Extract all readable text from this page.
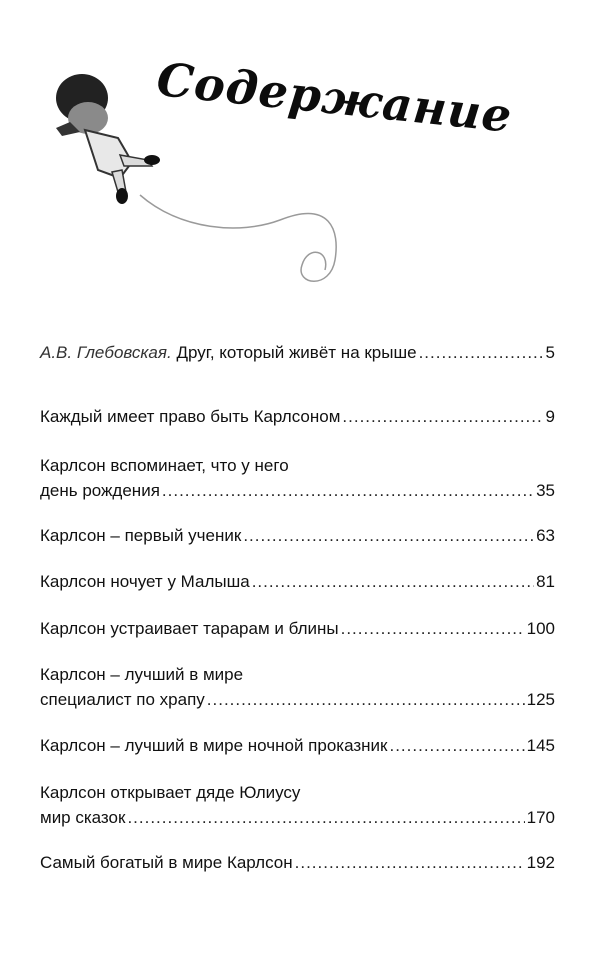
Содержание
А.В. Глебовская.
Друг, который живёт на крыше .....	5
Каждый имеет право быть Карлсоном .....	9
Карлсон вспоминает, что у него
день рождения .....	35
Карлсон – первый ученик .....	63
Карлсон ночует у Малыша .....	81
Карлсон устраивает тарарам и блины .....	100
Карлсон – лучший в мире
специалист по храпу .....	125
Карлсон – лучший в мире ночной проказник .....	145
Карлсон открывает дяде Юлиусу
мир сказок .....	170
Самый богатый в мире Карлсон .....	192
